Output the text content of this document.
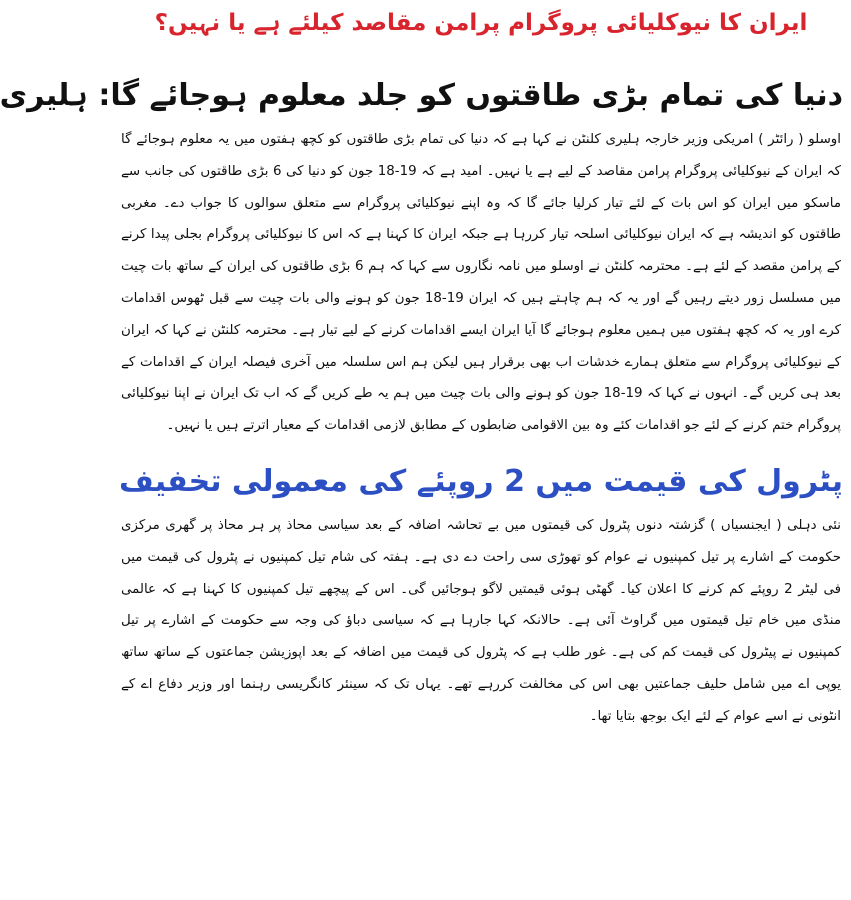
ایران کا نیوکلیائی پروگرام پرامن مقاصد کیلئے ہے یا نہیں؟
دنیا کی تمام بڑی طاقتوں کو جلد معلوم ہوجائے گا: ہلیری

اوسلو ( رائٹر ) امریکی وزیر خارجہ ہلیری کلنٹن نے کہا ہے کہ دنیا کی تمام بڑی طاقتوں کو کچھ ہفتوں میں یہ معلوم ہوجائے گا کہ ایران کے نیوکلیائی پروگرام پرامن مقاصد کے لیے ہے یا نہیں۔ امید ہے کہ 19-18 جون کو دنیا کی 6 بڑی طاقتوں کی جانب سے ماسکو میں ایران کو اس بات کے لئے تیار کرلیا جائے گا کہ وہ اپنے نیوکلیائی پروگرام سے متعلق سوالوں کا جواب دے۔ مغربی طاقتوں کو اندیشہ ہے کہ ایران نیوکلیائی اسلحہ تیار کررہا ہے جبکہ ایران کا کہنا ہے کہ اس کا نیوکلیائی پروگرام بجلی پیدا کرنے کے پرامن مقصد کے لئے ہے۔ محترمہ کلنٹن نے اوسلو میں نامہ نگاروں سے کہا کہ ہم 6 بڑی طاقتوں کی ایران کے ساتھ بات چیت میں مسلسل زور دیتے رہیں گے اور یہ کہ ہم چاہتے ہیں کہ ایران 19-18 جون کو ہونے والی بات چیت سے قبل ٹھوس اقدامات کرے اور یہ کہ کچھ ہفتوں میں ہمیں معلوم ہوجائے گا آیا ایران ایسے اقدامات کرنے کے لیے تیار ہے۔ محترمہ کلنٹن نے کہا کہ ایران کے نیوکلیائی پروگرام سے متعلق ہمارے خدشات اب بھی برقرار ہیں لیکن ہم اس سلسلہ میں آخری فیصلہ ایران کے اقدامات کے بعد ہی کریں گے۔ انہوں نے کہا کہ 19-18 جون کو ہونے والی بات چیت میں ہم یہ طے کریں گے کہ اب تک ایران نے اپنا نیوکلیائی پروگرام ختم کرنے کے لئے جو اقدامات کئے وہ بین الاقوامی ضابطوں کے مطابق لازمی اقدامات کے معیار اترتے ہیں یا نہیں۔

پٹرول کی قیمت میں 2 روپئے کی معمولی تخفیف

نئی دہلی ( ایجنسیاں ) گزشتہ دنوں پٹرول کی قیمتوں میں بے تحاشہ اضافہ کے بعد سیاسی محاذ پر ہر محاذ پر گھری مرکزی حکومت کے اشارے پر تیل کمپنیوں نے عوام کو تھوڑی سی راحت دے دی ہے۔ ہفتہ کی شام تیل کمپنیوں نے پٹرول کی قیمت میں فی لیٹر 2 روپئے کم کرنے کا اعلان کیا۔ گھٹی ہوئی قیمتیں لاگو ہوجائیں گی۔ اس کے پیچھے تیل کمپنیوں کا کہنا ہے کہ عالمی منڈی میں خام تیل قیمتوں میں گراوٹ آئی ہے۔ حالانکہ کہا جارہا ہے کہ سیاسی دباؤ کی وجہ سے حکومت کے اشارے پر تیل کمپنیوں نے پیٹرول کی قیمت کم کی ہے۔ غور طلب ہے کہ پٹرول کی قیمت میں اضافہ کے بعد اپوزیشن جماعتوں کے ساتھ ساتھ یوپی اے میں شامل حلیف جماعتیں بھی اس کی مخالفت کررہے تھے۔ یہاں تک کہ سینئر کانگریسی رہنما اور وزیر دفاع اے کے انٹونی نے اسے عوام کے لئے ایک بوجھ بتایا تھا۔
